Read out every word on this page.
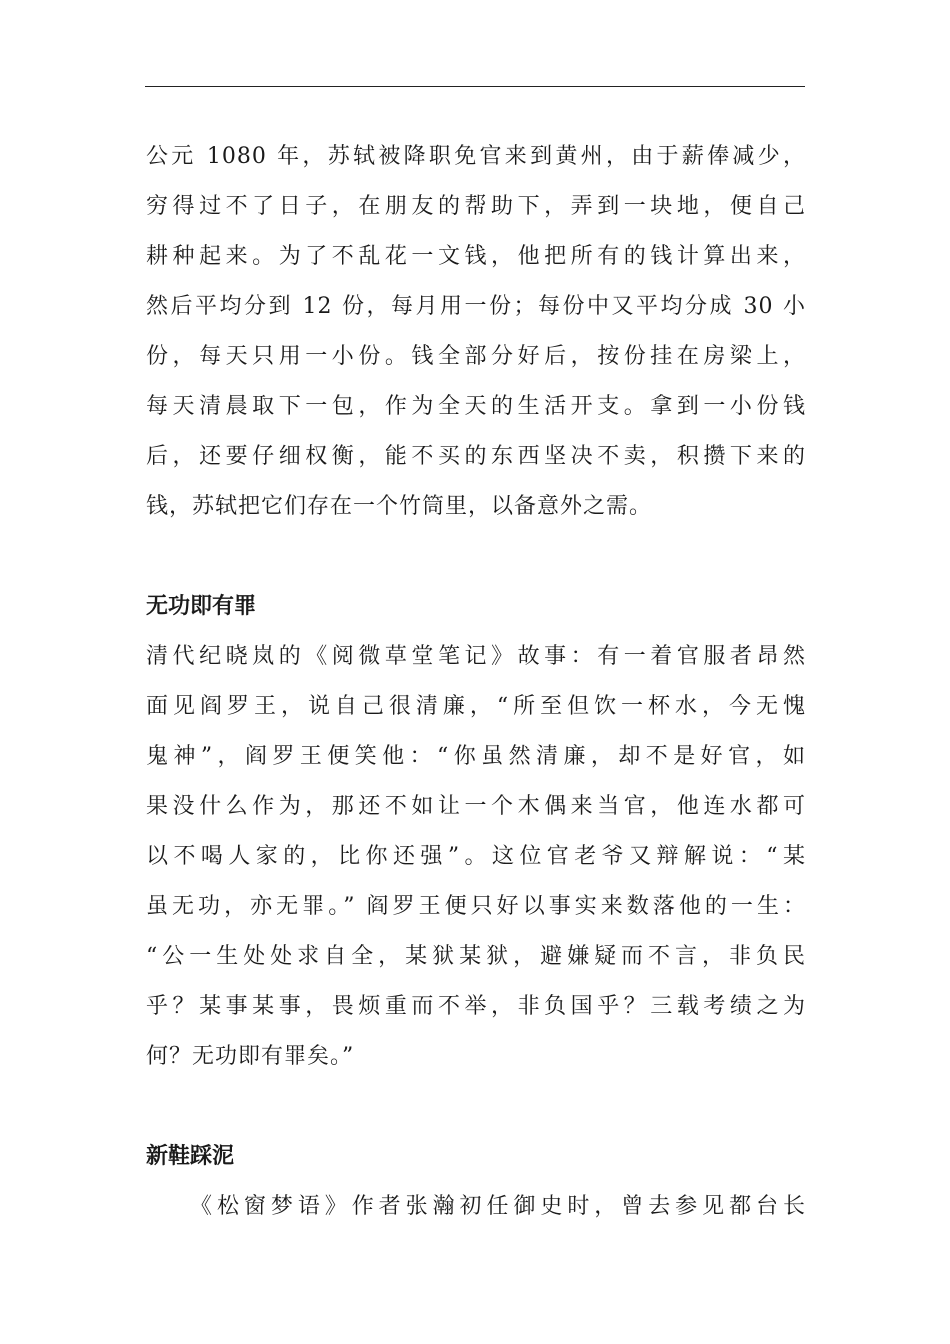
公元 1080 年，苏轼被降职免官来到黄州，由于薪俸减少，
穷得过不了日子，在朋友的帮助下，弄到一块地，便自己
耕种起来。为了不乱花一文钱，他把所有的钱计算出来，
然后平均分到 12 份，每月用一份；每份中又平均分成 30 小
份，每天只用一小份。钱全部分好后，按份挂在房梁上，
每天清晨取下一包，作为全天的生活开支。拿到一小份钱
后，还要仔细权衡，能不买的东西坚决不卖，积攒下来的
钱，苏轼把它们存在一个竹筒里，以备意外之需。
无功即有罪
清代纪晓岚的《阅微草堂笔记》故事：有一着官服者昂然
面见阎罗王，说自己很清廉，“所至但饮一杯水，今无愧
鬼神”，阎罗王便笑他：“你虽然清廉，却不是好官，如
果没什么作为，那还不如让一个木偶来当官，他连水都可
以不喝人家的，比你还强”。这位官老爷又辩解说：“某
虽无功，亦无罪。” 阎罗王便只好以事实来数落他的一生：
“公一生处处求自全，某狱某狱，避嫌疑而不言，非负民
乎？某事某事，畏烦重而不举，非负国乎？三载考绩之为
何？无功即有罪矣。”
新鞋踩泥
《松窗梦语》作者张瀚初任御史时，曾去参见都台长
